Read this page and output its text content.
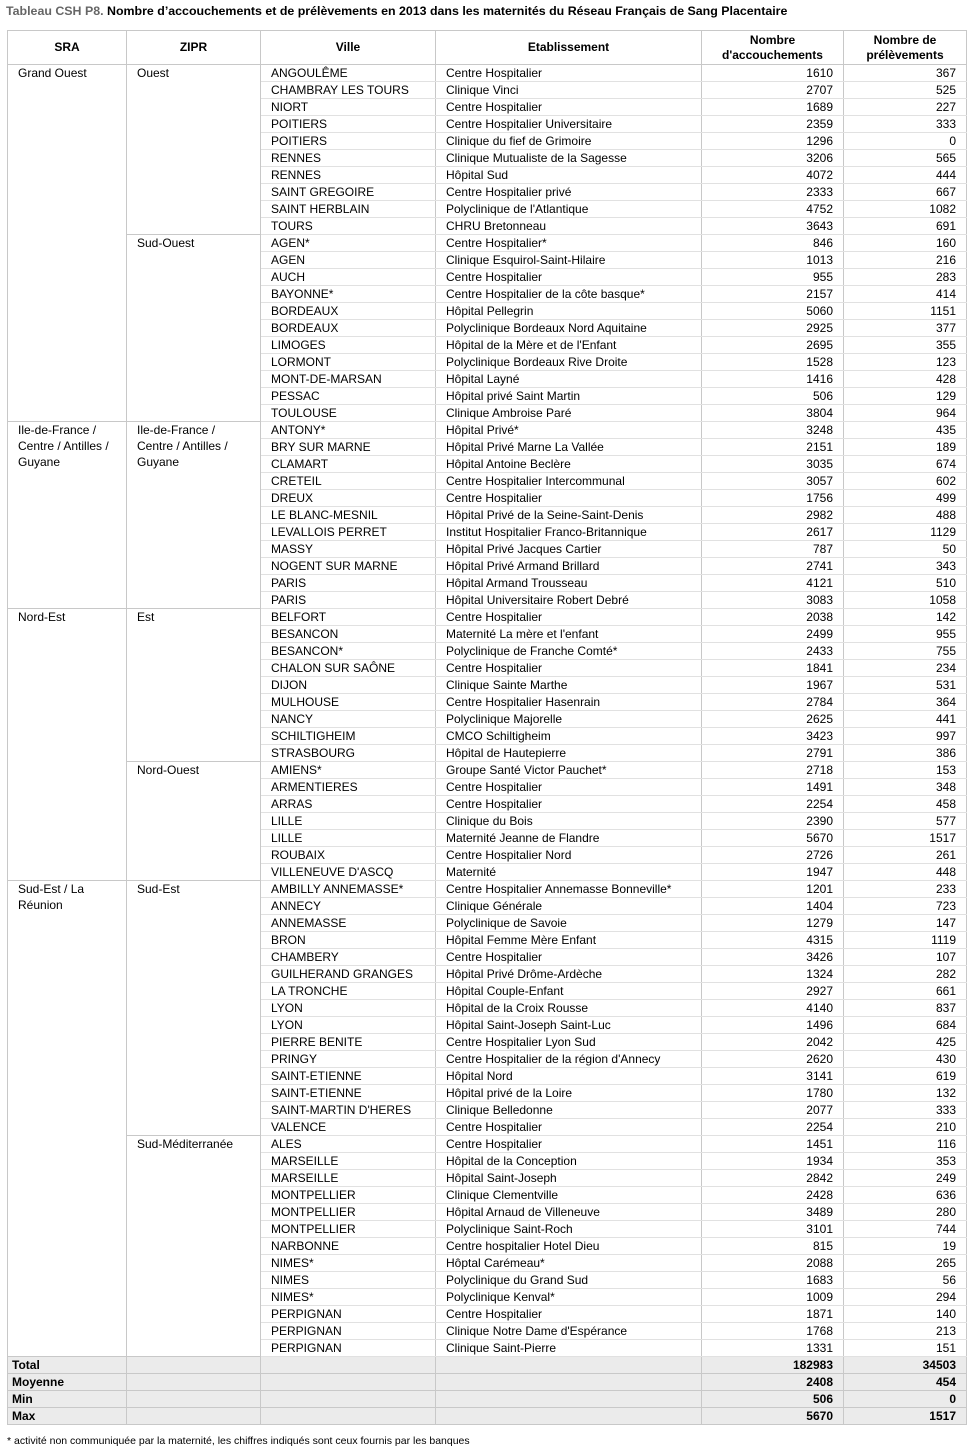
Tableau CSH P8. Nombre d’accouchements et de prélèvements en 2013 dans les maternités du Réseau Français de Sang Placentaire
SRA	ZIPR	Ville	Etablissement	Nombre d'accouchements	Nombre de prélèvements
Grand Ouest	Ouest	ANGOULÊME	Centre Hospitalier	1610	367
		CHAMBRAY LES TOURS	Clinique Vinci	2707	525
		NIORT	Centre Hospitalier	1689	227
		POITIERS	Centre Hospitalier Universitaire	2359	333
		POITIERS	Clinique du fief de Grimoire	1296	0
		RENNES	Clinique Mutualiste de la Sagesse	3206	565
		RENNES	Hôpital Sud	4072	444
		SAINT GREGOIRE	Centre Hospitalier privé	2333	667
		SAINT HERBLAIN	Polyclinique de l'Atlantique	4752	1082
		TOURS	CHRU Bretonneau	3643	691
	Sud-Ouest	AGEN*	Centre Hospitalier*	846	160
		AGEN	Clinique Esquirol-Saint-Hilaire	1013	216
		AUCH	Centre Hospitalier	955	283
		BAYONNE*	Centre Hospitalier de la côte basque*	2157	414
		BORDEAUX	Hôpital Pellegrin	5060	1151
		BORDEAUX	Polyclinique Bordeaux Nord Aquitaine	2925	377
		LIMOGES	Hôpital de la Mère et de l'Enfant	2695	355
		LORMONT	Polyclinique Bordeaux Rive Droite	1528	123
		MONT-DE-MARSAN	Hôpital Layné	1416	428
		PESSAC	Hôpital privé Saint Martin	506	129
		TOULOUSE	Clinique Ambroise Paré	3804	964
Ile-de-France / Centre / Antilles / Guyane	Ile-de-France / Centre / Antilles / Guyane	ANTONY*	Hôpital Privé*	3248	435
		BRY SUR MARNE	Hôpital Privé Marne La Vallée	2151	189
		CLAMART	Hôpital Antoine Beclère	3035	674
		CRETEIL	Centre Hospitalier Intercommunal	3057	602
		DREUX	Centre Hospitalier	1756	499
		LE BLANC-MESNIL	Hôpital Privé de la Seine-Saint-Denis	2982	488
		LEVALLOIS PERRET	Institut Hospitalier Franco-Britannique	2617	1129
		MASSY	Hôpital Privé Jacques Cartier	787	50
		NOGENT SUR MARNE	Hôpital Privé Armand Brillard	2741	343
		PARIS	Hôpital Armand Trousseau	4121	510
		PARIS	Hôpital Universitaire Robert Debré	3083	1058
Nord-Est	Est	BELFORT	Centre Hospitalier	2038	142
		BESANCON	Maternité La mère et l'enfant	2499	955
		BESANCON*	Polyclinique de Franche Comté*	2433	755
		CHALON SUR SAÔNE	Centre Hospitalier	1841	234
		DIJON	Clinique Sainte Marthe	1967	531
		MULHOUSE	Centre Hospitalier Hasenrain	2784	364
		NANCY	Polyclinique Majorelle	2625	441
		SCHILTIGHEIM	CMCO Schiltigheim	3423	997
		STRASBOURG	Hôpital de Hautepierre	2791	386
	Nord-Ouest	AMIENS*	Groupe Santé Victor Pauchet*	2718	153
		ARMENTIERES	Centre Hospitalier	1491	348
		ARRAS	Centre Hospitalier	2254	458
		LILLE	Clinique du Bois	2390	577
		LILLE	Maternité Jeanne de Flandre	5670	1517
		ROUBAIX	Centre Hospitalier Nord	2726	261
		VILLENEUVE D'ASCQ	Maternité	1947	448
Sud-Est / La Réunion	Sud-Est	AMBILLY ANNEMASSE*	Centre Hospitalier Annemasse Bonneville*	1201	233
		ANNECY	Clinique Générale	1404	723
		ANNEMASSE	Polyclinique de Savoie	1279	147
		BRON	Hôpital Femme Mère Enfant	4315	1119
		CHAMBERY	Centre Hospitalier	3426	107
		GUILHERAND GRANGES	Hôpital Privé Drôme-Ardèche	1324	282
		LA TRONCHE	Hôpital Couple-Enfant	2927	661
		LYON	Hôpital de la Croix Rousse	4140	837
		LYON	Hôpital Saint-Joseph Saint-Luc	1496	684
		PIERRE BENITE	Centre Hospitalier Lyon Sud	2042	425
		PRINGY	Centre Hospitalier de la région d'Annecy	2620	430
		SAINT-ETIENNE	Hôpital Nord	3141	619
		SAINT-ETIENNE	Hôpital privé de la Loire	1780	132
		SAINT-MARTIN D'HERES	Clinique Belledonne	2077	333
		VALENCE	Centre Hospitalier	2254	210
	Sud-Méditerranée	ALES	Centre Hospitalier	1451	116
		MARSEILLE	Hôpital de la Conception	1934	353
		MARSEILLE	Hôpital Saint-Joseph	2842	249
		MONTPELLIER	Clinique Clementville	2428	636
		MONTPELLIER	Hôpital Arnaud de Villeneuve	3489	280
		MONTPELLIER	Polyclinique Saint-Roch	3101	744
		NARBONNE	Centre hospitalier Hotel Dieu	815	19
		NIMES*	Hôptal Carémeau*	2088	265
		NIMES	Polyclinique du Grand Sud	1683	56
		NIMES*	Polyclinique Kenval*	1009	294
		PERPIGNAN	Centre Hospitalier	1871	140
		PERPIGNAN	Clinique Notre Dame d'Espérance	1768	213
		PERPIGNAN	Clinique Saint-Pierre	1331	151
Total				182983	34503
Moyenne				2408	454
Min				506	0
Max				5670	1517
* activité non communiquée par la maternité, les chiffres indiqués sont ceux fournis par les banques
